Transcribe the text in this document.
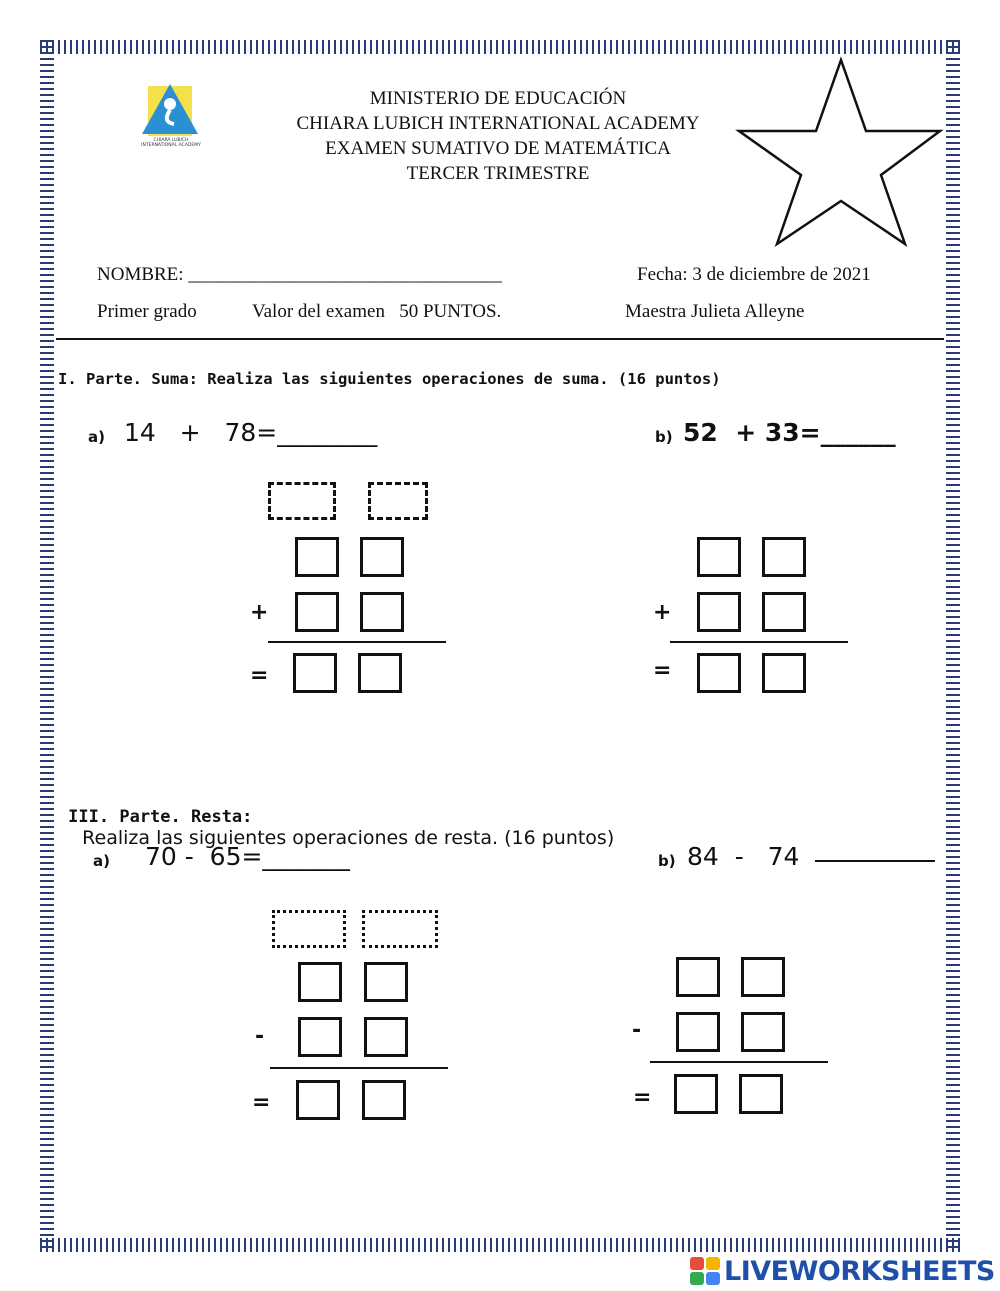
CHIARA LUBICH INTERNATIONAL ACADEMY
MINISTERIO DE EDUCACIÓN
CHIARA LUBICH INTERNATIONAL ACADEMY
EXAMEN SUMATIVO DE MATEMÁTICA
TERCER TRIMESTRE
NOMBRE: _________________________________	Fecha: 3 de diciembre de 2021
Primer grado	Valor del examen   50 PUNTOS.	Maestra Julieta Alleyne
I. Parte. Suma: Realiza las siguientes operaciones de suma. (16 puntos)
a) 14   +   78=________	b) 52  + 33=______
+
=
+
=

III. Parte. Resta:
Realiza las siguientes operaciones de resta. (16 puntos)

a) 70 -  65=_______	b) 84  -   74
-
=
-
=
LIVEWORKSHEETS
